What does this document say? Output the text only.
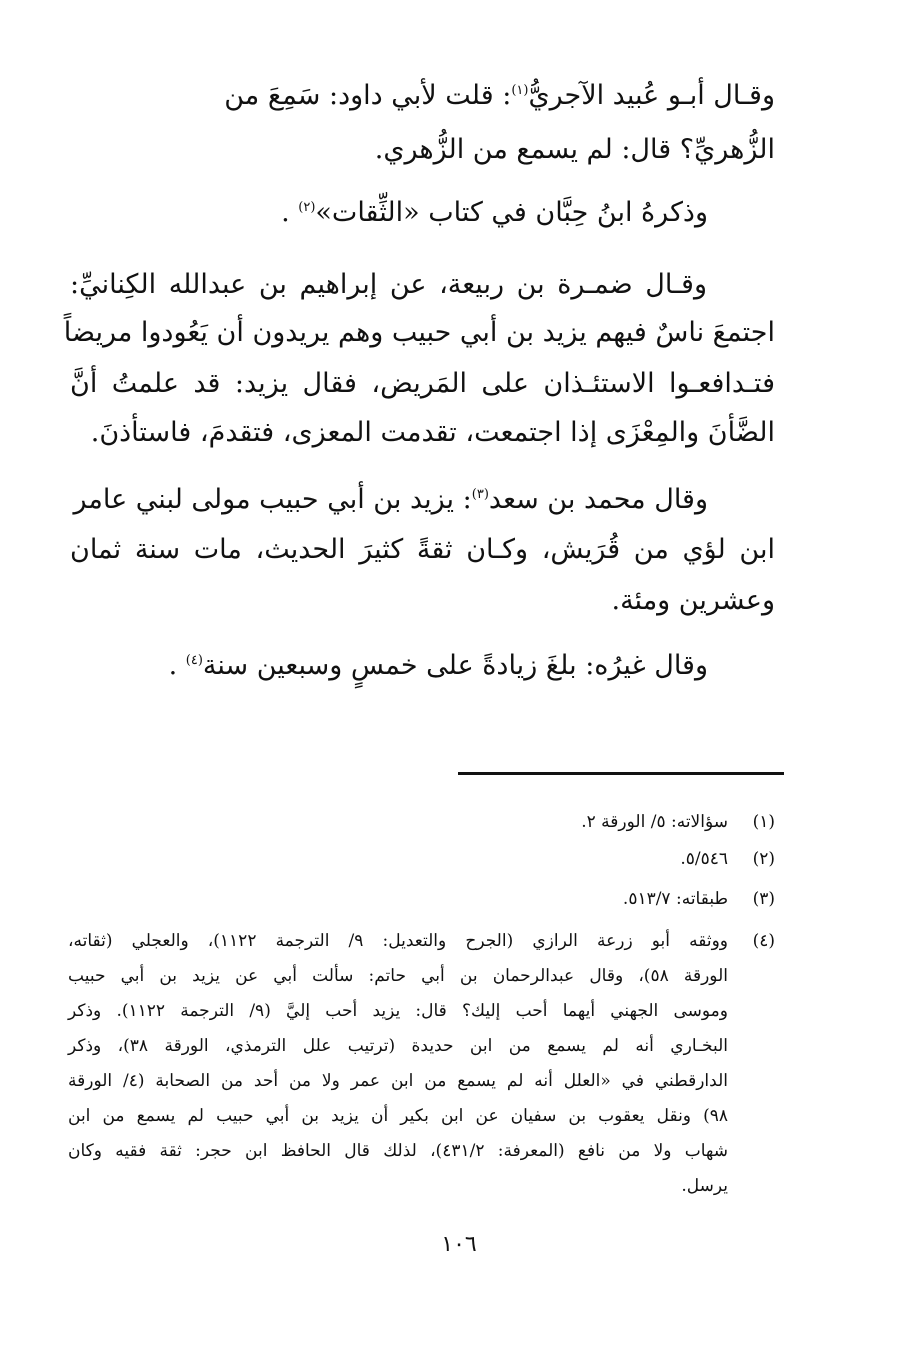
وقـال أبـو عُبيد الآجريُّ$^{(١)}$: قلت لأبي داود: سَمِعَ من
الزُّهريِّ؟ قال: لم يسمع من الزُّهري.
وذكرهُ ابنُ حِبَّان في كتاب «الثِّقات»$^{(٢)}$ .
وقـال ضمـرة بن ربيعة، عن إبراهيم بن عبدالله الكِنانيِّ:
اجتمعَ ناسٌ فيهم يزيد بن أبي حبيب وهم يريدون أن يَعُودوا مريضاً
فتـدافعـوا الاستئـذان على المَريض، فقال يزيد: قد علمتُ أنَّ
الضَّأنَ والمِعْزَى إذا اجتمعت، تقدمت المعزى، فتقدمَ، فاستأذنَ.
وقال محمد بن سعد$^{(٣)}$: يزيد بن أبي حبيب مولى لبني عامر
ابن لؤي من قُرَيش، وكـان ثقةً كثيرَ الحديث، مات سنة ثمان
وعشرين ومئة.
وقال غيرُه: بلغَ زيادةً على خمسٍ وسبعين سنة$^{(٤)}$ .
(١)
سؤالاته: ٥/ الورقة ٢.
(٢)
٥/٥٤٦.
(٣)
طبقاته: ٥١٣/٧.
(٤)
ووثقه أبو زرعة الرازي (الجرح والتعديل: ٩/ الترجمة ١١٢٢)، والعجلي (ثقاته،
الورقة ٥٨)، وقال عبدالرحمان بن أبي حاتم: سألت أبي عن يزيد بن أبي حبيب
وموسى الجهني أيهما أحب إليك؟ قال: يزيد أحب إليَّ (٩/ الترجمة ١١٢٢). وذكر
البخـاري أنه لم يسمع من ابن حديدة (ترتيب علل الترمذي، الورقة ٣٨)، وذكر
الدارقطني في «العلل أنه لم يسمع من ابن عمر ولا من أحد من الصحابة (٤/ الورقة
٩٨) ونقل يعقوب بن سفيان عن ابن بكير أن يزيد بن أبي حبيب لم يسمع من ابن
شهاب ولا من نافع (المعرفة: ٤٣١/٢)، لذلك قال الحافظ ابن حجر: ثقة فقيه وكان
يرسل.
١٠٦
